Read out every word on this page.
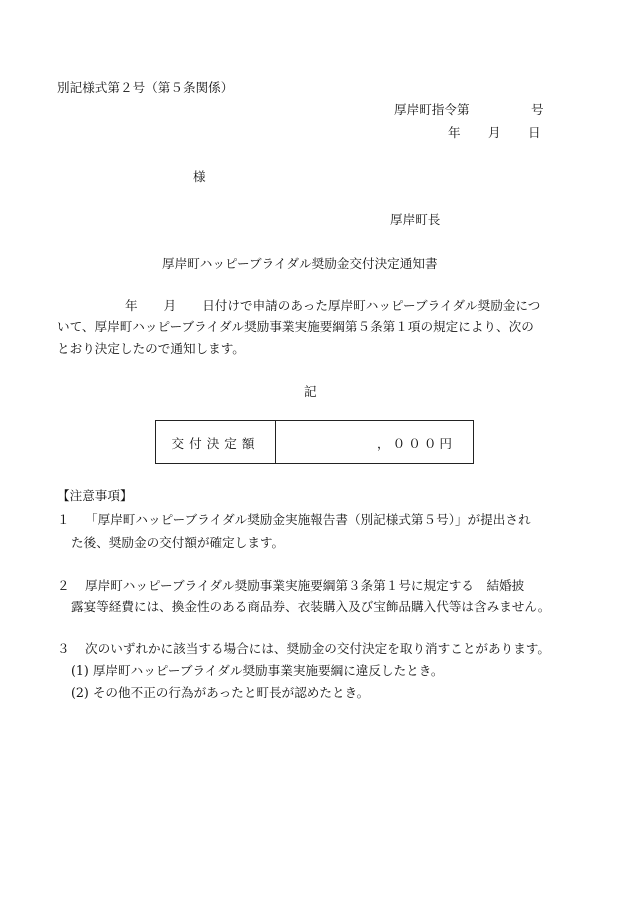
別記様式第２号（第５条関係）
厚岸町指令第	号
年 月 日
様
厚岸町長
厚岸町ハッピーブライダル奨励金交付決定通知書
年 月 日付けで申請のあった厚岸町ハッピーブライダル奨励金につ
いて、厚岸町ハッピーブライダル奨励事業実施要綱第５条第１項の規定により、次の
とおり決定したので通知します。
記
交付決定額	，０００円
【注意事項】
１ 「厚岸町ハッピーブライダル奨励金実施報告書（別記様式第５号）」が提出され
た後、奨励金の交付額が確定します。
２ 厚岸町ハッピーブライダル奨励事業実施要綱第３条第１号に規定する　結婚披
露宴等経費には、換金性のある商品券、衣装購入及び宝飾品購入代等は含みません。
３ 次のいずれかに該当する場合には、奨励金の交付決定を取り消すことがあります。
(1) 厚岸町ハッピーブライダル奨励事業実施要綱に違反したとき。
(2) その他不正の行為があったと町長が認めたとき。
